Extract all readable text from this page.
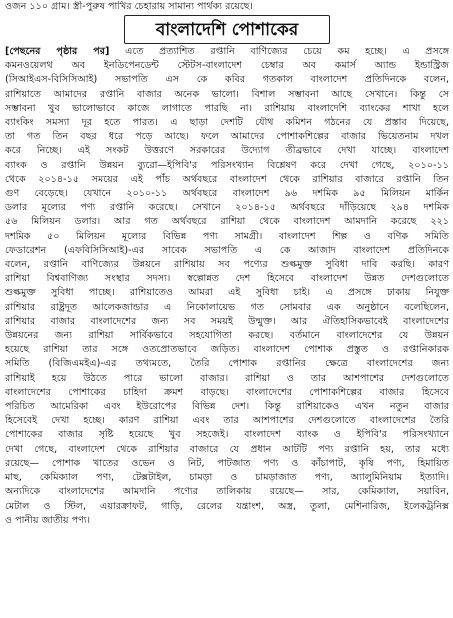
ওজন ১১০ গ্রাম। স্ত্রী-পুরুষ পাখির চেহারায় সামান্য পার্থক্য রয়েছে।
বাংলাদেশি পোশাকের
[পেছনের পৃষ্ঠার পর] এতে প্রত্যাশিত রপ্তানি বাণিজ্যের চেয়ে কম হচ্ছে। এ প্রসঙ্গে
কমনওয়েলথ অব ইনডিপেনডেন্ট স্টেটস-বাংলাদেশ চেম্বার অব কমার্স অ্যান্ড ইন্ডাস্ট্রিজ
(সিআইএস-বিসিসিআই) সভাপতি এস কে কবির গতকাল বাংলাদেশ প্রতিদিনকে বলেন,
রাশিয়াতে আমাদের রপ্তানি বাজার অনেক ভালো। বিশাল সম্ভাবনা আছে সেখানে। কিন্তু সে
সম্ভাবনা খুব ভালোভাবে কাজে লাগাতে পারছি না। রাশিয়ায় বাংলাদেশি ব্যাংকের শাখা হলে
ব্যাংকিং সমস্যা দূর হতে পারত। এ ছাড়া দেশটি যৌথ কমিশন গঠনের যে প্রস্তাব দিয়েছে,
তা গত তিন বছর ধরে পড়ে আছে। ফলে আমাদের পোশাকশিল্পের বাজার ভিয়েতনাম দখল
করে নিচ্ছে। এই সংকট উত্তরণে সরকারের উদ্যোগ তীব্রভাবে দেখা যাচ্ছে। বাংলাদেশ
ব্যাংক ও রপ্তানি উন্নয়ন ব্যুরো—ইপিবি'র পরিসংখ্যান বিশ্লেষণ করে দেখা গেছে, ২০১০-১১
থেকে ২০১৪-১৫ সময়ের এই পাঁচ অর্থবছরে বাংলাদেশ থেকে রাশিয়ার বাজারে রপ্তানি তিন
গুণ বেড়েছে। যেখানে ২০১০-১১ অর্থবছরে বাংলাদেশ ৯৬ দশমিক ৯৫ মিলিয়ন মার্কিন
ডলার মূল্যের পণ্য রপ্তানি করেছে। সেখানে ২০১৪-১৫ অর্থবছরে দাঁড়িয়েছে ২৯৪ দশমিক
৫৬ মিলিয়ন ডলার। আর গত অর্থবছরে রাশিয়া থেকে বাংলাদেশ আমদানি করেছে ২২১
দশমিক ৫০ মিলিয়ন মূল্যের বিভিন্ন পণ্য সামগ্রী। বাংলাদেশ শিল্প ও বণিক সমিতি
ফেডারেশন (এফবিসিসিআই)-এর সাবেক সভাপতি এ কে আজাদ বাংলাদেশ প্রতিদিনকে
বলেন, রপ্তানি বাণিজ্যের উন্নয়নে রাশিয়ায় সব পণ্যের শুল্কমুক্ত সুবিধা দাবি করছি। কারণ
রাশিয়া বিশ্ববাণিজ্য সংস্থার সদস্য। স্বল্পোন্নত দেশ হিসেবে বাংলাদেশ উন্নত দেশগুলোতে
শুল্কমুক্ত সুবিধা পাচ্ছে। রাশিয়াতেও আমরা এই সুবিধা চাই। এ প্রসঙ্গে ঢাকায় নিযুক্ত
রাশিয়ার রাষ্ট্রদূত আলেকজান্ডার এ নিকোলায়েভ গত সোমবার এক অনুষ্ঠানে বলেছিলেন,
রাশিয়ার বাজার বাংলাদেশের জন্য সব সময়ই উন্মুক্ত। আর ঐতিহাসিকভাবেই বাংলাদেশের
উন্নয়নের জন্য রাশিয়া সার্বিকভাবে সহযোগিতা করছে। বর্তমানে বাংলাদেশের যে উন্নয়ন
হয়েছে রাশিয়া তার সঙ্গে ওতপ্রোতভাবে জড়িত। বাংলাদেশ পোশাক প্রস্তুত ও রপ্তানিকারক
সমিতি (বিজিএমইএ)-এর তথ্যমতে, তৈরি পোশাক রপ্তানির ক্ষেত্রে বাংলাদেশের জন্য
রাশিয়াই হয়ে উঠতে পারে ভালো বাজার। রাশিয়া ও তার আশপাশের দেশগুলোতে
বাংলাদেশের পোশাকের চাহিদা ক্রমশ বাড়ছে। বাংলাদেশের পোশাকশিল্পের বাজার হিসেবে
পরিচিত আমেরিকা এবং ইউরোপের বিভিন্ন দেশ। কিন্তু রাশিয়াকেও এখন নতুন বাজার
হিসেবেই দেখা হচ্ছে। কারণ রাশিয়া এবং তার আশপাশের দেশগুলোতে বাংলাদেশের তৈরি
পোশাকের বাজার সৃষ্টি হয়েছে খুব সহজেই। বাংলাদেশ ব্যাংক ও ইপিবি'র পরিসংখ্যানে
দেখা গেছে, বাংলাদেশ থেকে রাশিয়ার বাজারে যে প্রধান আটটি পণ্য রপ্তানি হয়, তার মধ্যে
রয়েছে— পোশাক খাতের ওভেন ও নিট, পাটজাত পণ্য ও কাঁচাপাট, কৃষি পণ্য, হিমায়িত
মাছ, কেমিক্যাল পণ্য, টেক্সটাইল, চামড়া ও চামড়াজাত পণ্য, অ্যালুমিনিয়াম ইত্যাদি।
অন্যদিকে বাংলাদেশের আমদানি পণ্যের তালিকায় রয়েছে— সার, কেমিক্যাল, সয়াবিন,
মেটাল ও স্টিল, এয়ারক্রাফট, গাড়ি, রেলের যন্ত্রাংশ, অস্ত্র, তুলা, মেশিনারিজ, ইলেকট্রনিক্স
ও পানীয় জাতীয় পণ্য।
